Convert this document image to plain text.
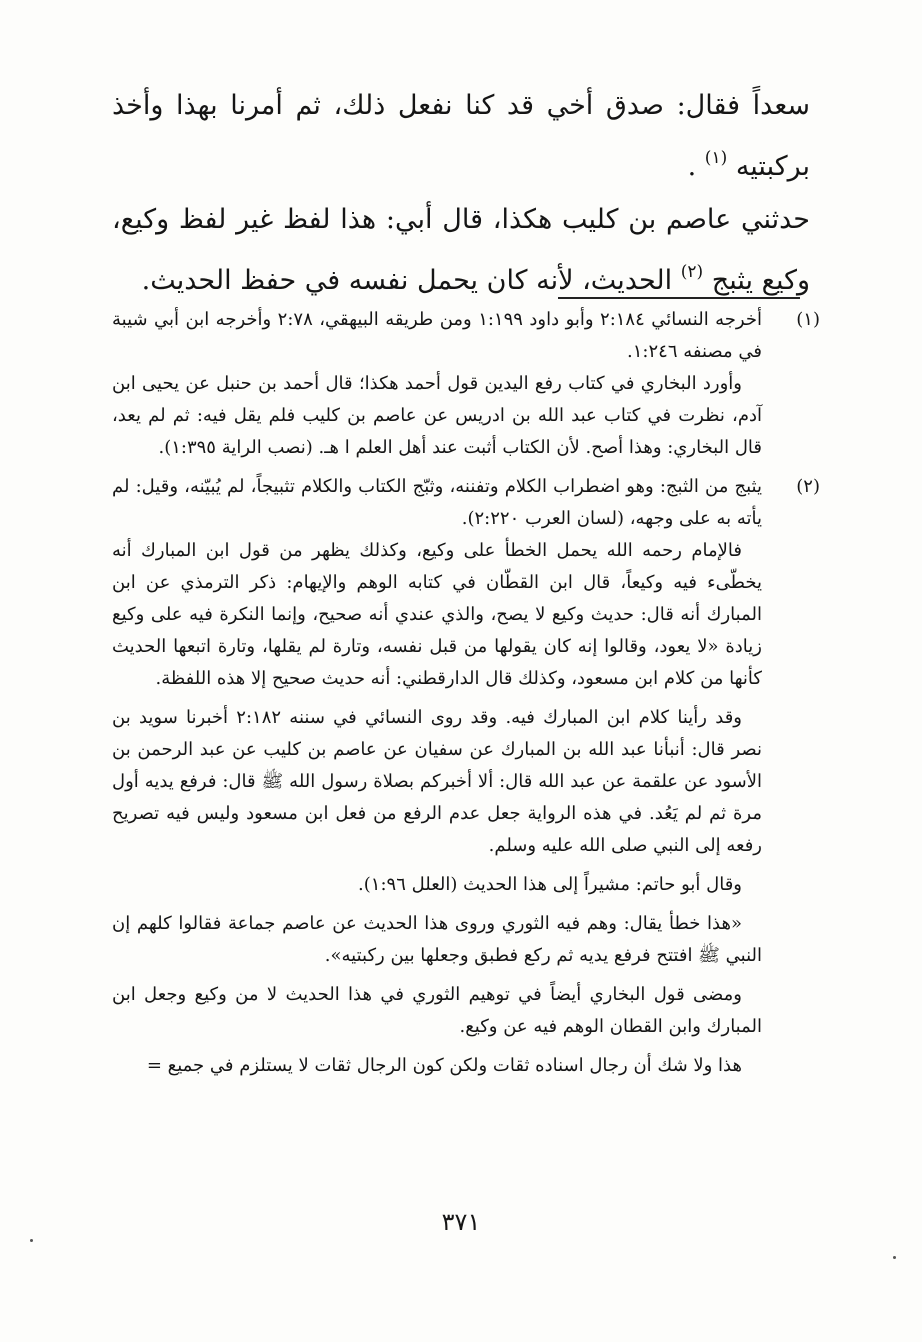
سعداً فقال: صدق أخي قد كنا نفعل ذلك، ثم أمرنا بهذا وأخذ بركبتيه $^{(١)}$ .

حدثني عاصم بن كليب هكذا، قال أبي: هذا لفظ غير لفظ وكيع، وكيع يثبج $^{(٢)}$ الحديث، لأنه كان يحمل نفسه في حفظ الحديث.

(١)

أخرجه النسائي ٢:١٨٤ وأبو داود ١:١٩٩ ومن طريقه البيهقي، ٢:٧٨ وأخرجه ابن أبي شيبة في مصنفه ١:٢٤٦.

وأورد البخاري في كتاب رفع اليدين قول أحمد هكذا؛ قال أحمد بن حنبل عن يحيى ابن آدم، نظرت في كتاب عبد الله بن ادريس عن عاصم بن كليب فلم يقل فيه: ثم لم يعد، قال البخاري: وهذا أصح. لأن الكتاب أثبت عند أهل العلم ا هـ. (نصب الراية ١:٣٩٥).

(٢)

يثبج من الثبج: وهو اضطراب الكلام وتفننه، وثبّج الكتاب والكلام تثبيجاً، لم يُبيّنه، وقيل: لم يأته به على وجهه، (لسان العرب ٢:٢٢٠).

فالإمام رحمه الله يحمل الخطأ على وكيع، وكذلك يظهر من قول ابن المبارك أنه يخطّىء فيه وكيعاً، قال ابن القطّان في كتابه الوهم والإيهام: ذكر الترمذي عن ابن المبارك أنه قال: حديث وكيع لا يصح، والذي عندي أنه صحيح، وإنما النكرة فيه على وكيع زيادة «لا يعود، وقالوا إنه كان يقولها من قبل نفسه، وتارة لم يقلها، وتارة اتبعها الحديث كأنها من كلام ابن مسعود، وكذلك قال الدارقطني: أنه حديث صحيح إلا هذه اللفظة.

وقد رأينا كلام ابن المبارك فيه. وقد روى النسائي في سننه ٢:١٨٢ أخبرنا سويد بن نصر قال: أنبأنا عبد الله بن المبارك عن سفيان عن عاصم بن كليب عن عبد الرحمن بن الأسود عن علقمة عن عبد الله قال: ألا أخبركم بصلاة رسول الله ﷺ قال: فرفع يديه أول مرة ثم لم يَعُد. في هذه الرواية جعل عدم الرفع من فعل ابن مسعود وليس فيه تصريح رفعه إلى النبي صلى الله عليه وسلم.

وقال أبو حاتم: مشيراً إلى هذا الحديث (العلل ١:٩٦).

«هذا خطأ يقال: وهم فيه الثوري وروى هذا الحديث عن عاصم جماعة فقالوا كلهم إن النبي ﷺ افتتح فرفع يديه ثم ركع فطبق وجعلها بين ركبتيه».

ومضى قول البخاري أيضاً في توهيم الثوري في هذا الحديث لا من وكيع وجعل ابن المبارك وابن القطان الوهم فيه عن وكيع.

هذا ولا شك أن رجال اسناده ثقات ولكن كون الرجال ثقات لا يستلزم في جميع =

٣٧١
